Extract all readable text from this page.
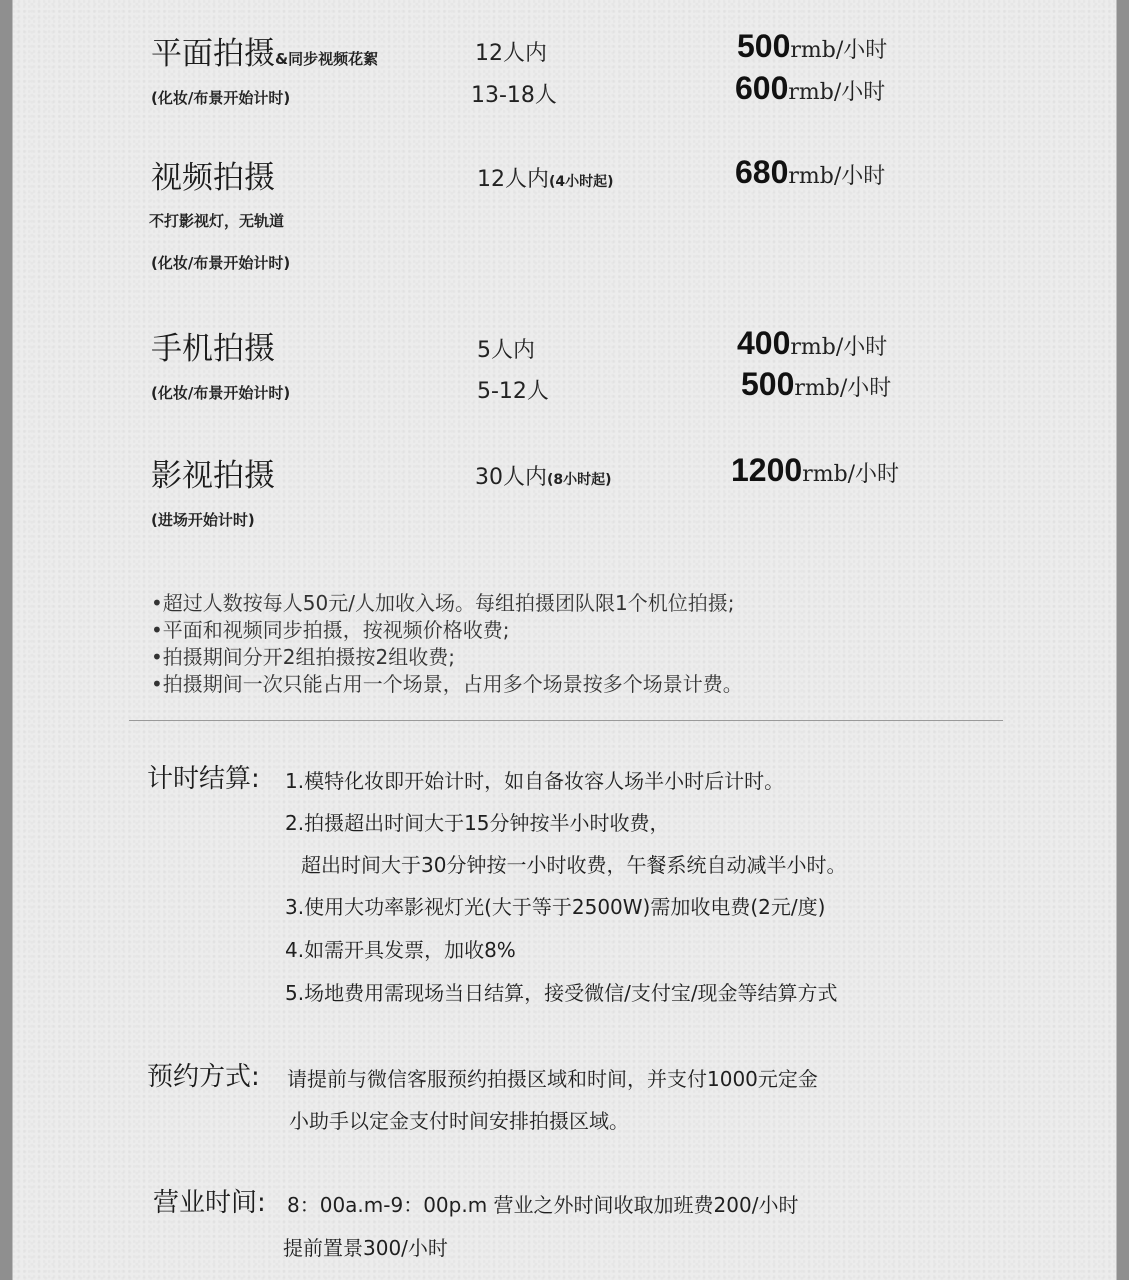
平面拍摄&同步视频花絮
(化妆/布景开始计时)
12人内
13-18人
500rmb/小时
600rmb/小时
视频拍摄
不打影视灯，无轨道
(化妆/布景开始计时)
12人内(4小时起)	680rmb/小时
手机拍摄
(化妆/布景开始计时)
5人内
5-12人
400rmb/小时
500rmb/小时
影视拍摄
(进场开始计时)
30人内(8小时起)	1200rmb/小时
•超过人数按每人50元/人加收入场。每组拍摄团队限1个机位拍摄;
•平面和视频同步拍摄，按视频价格收费;
•拍摄期间分开2组拍摄按2组收费;
•拍摄期间一次只能占用一个场景，占用多个场景按多个场景计费。
计时结算: 1.模特化妆即开始计时，如自备妆容人场半小时后计时。
2.拍摄超出时间大于15分钟按半小时收费，
超出时间大于30分钟按一小时收费，午餐系统自动减半小时。
3.使用大功率影视灯光(大于等于2500W)需加收电费(2元/度)
4.如需开具发票，加收8%
5.场地费用需现场当日结算，接受微信/支付宝/现金等结算方式
预约方式: 请提前与微信客服预约拍摄区域和时间，并支付1000元定金
小助手以定金支付时间安排拍摄区域。
营业时间: 8：00a.m-9：00p.m 营业之外时间收取加班费200/小时
提前置景300/小时
